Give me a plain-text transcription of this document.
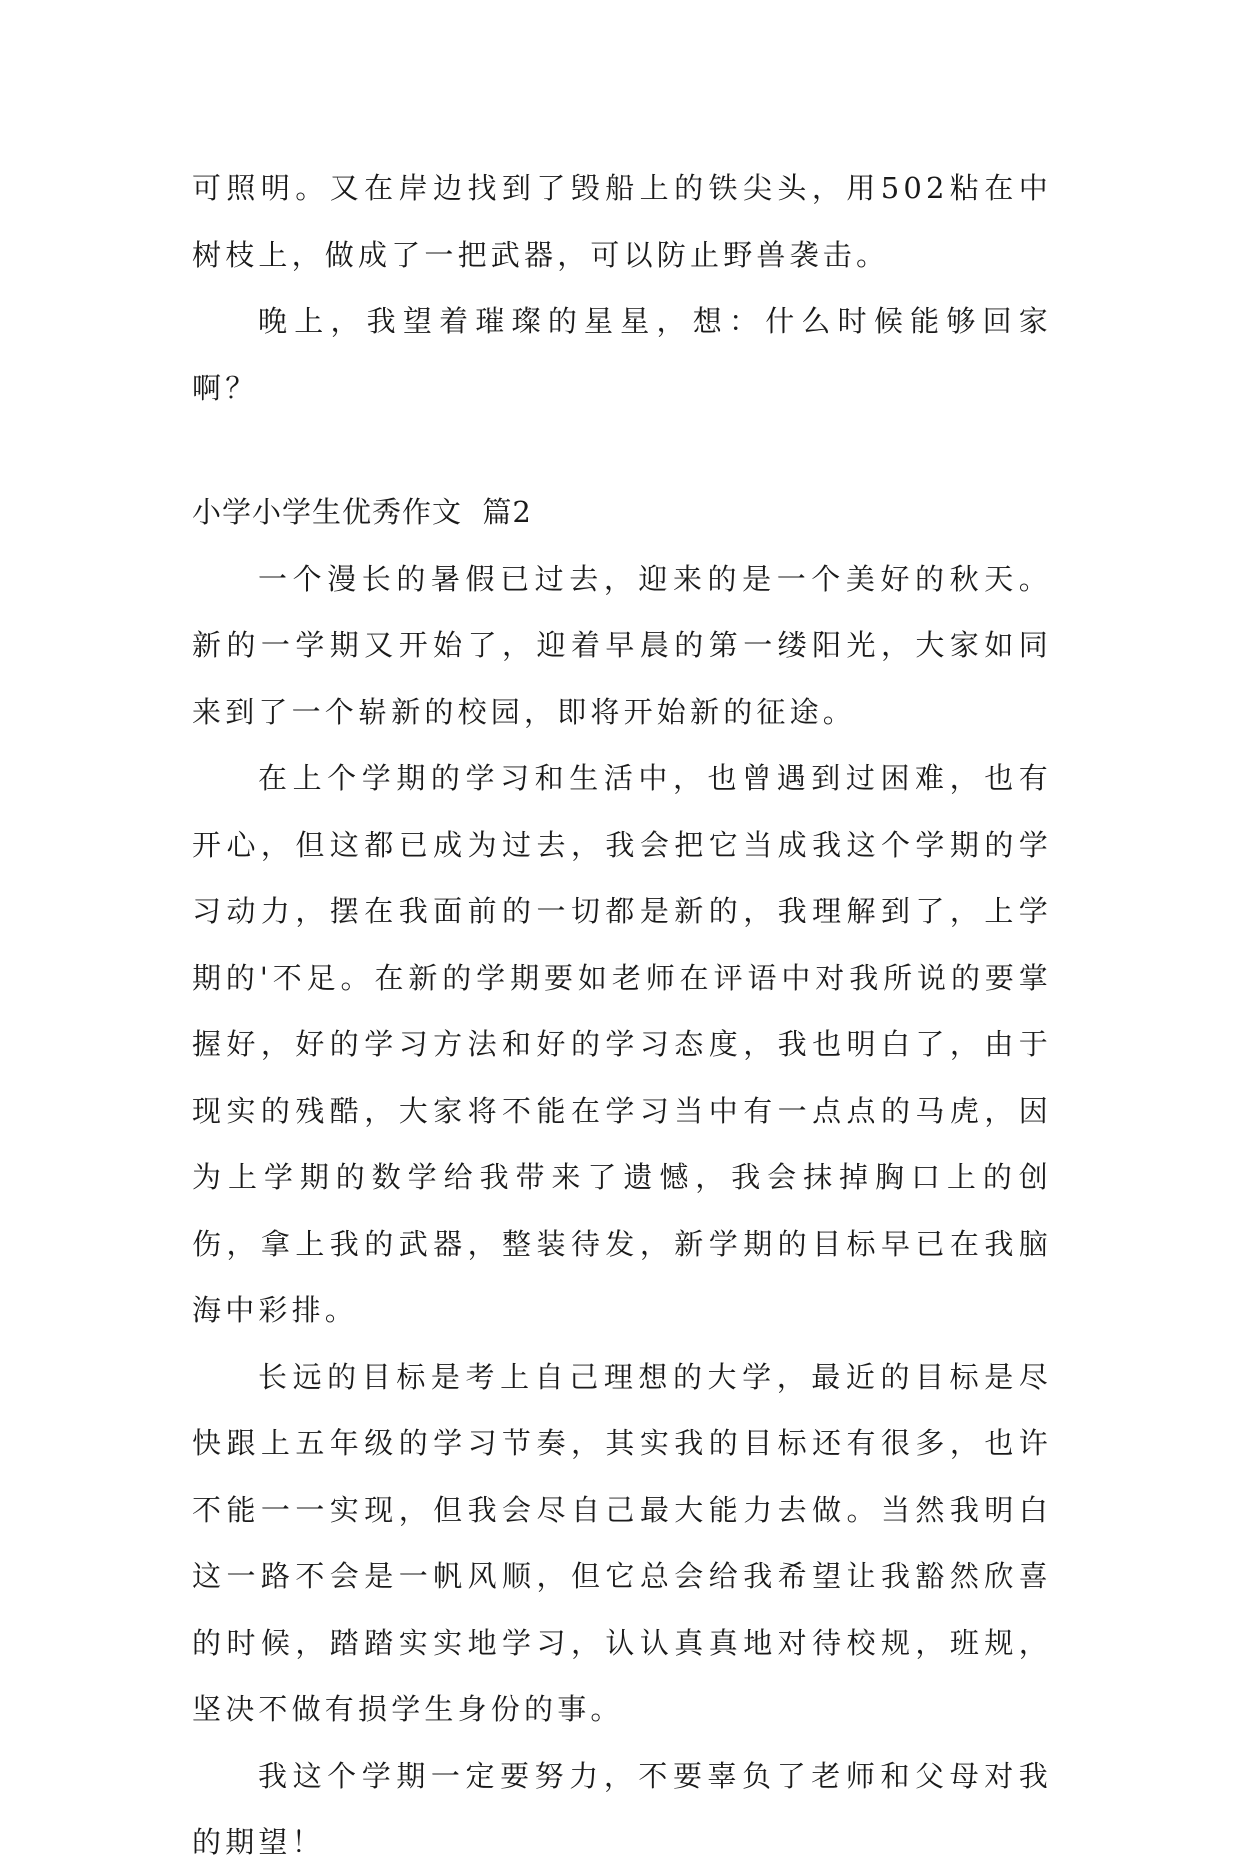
可照明。又在岸边找到了毁船上的铁尖头，用502粘在中树枝上，做成了一把武器，可以防止野兽袭击。

晚上，我望着璀璨的星星，想：什么时候能够回家啊？

小学小学生优秀作文  篇2

一个漫长的暑假已过去，迎来的是一个美好的秋天。新的一学期又开始了，迎着早晨的第一缕阳光，大家如同来到了一个崭新的校园，即将开始新的征途。

在上个学期的学习和生活中，也曾遇到过困难，也有开心，但这都已成为过去，我会把它当成我这个学期的学习动力，摆在我面前的一切都是新的，我理解到了，上学期的'不足。在新的学期要如老师在评语中对我所说的要掌握好，好的学习方法和好的学习态度，我也明白了，由于现实的残酷，大家将不能在学习当中有一点点的马虎，因为上学期的数学给我带来了遗憾，我会抹掉胸口上的创伤，拿上我的武器，整装待发，新学期的目标早已在我脑海中彩排。

长远的目标是考上自己理想的大学，最近的目标是尽快跟上五年级的学习节奏，其实我的目标还有很多，也许不能一一实现，但我会尽自己最大能力去做。当然我明白这一路不会是一帆风顺，但它总会给我希望让我豁然欣喜的时候，踏踏实实地学习，认认真真地对待校规，班规，坚决不做有损学生身份的事。

我这个学期一定要努力，不要辜负了老师和父母对我的期望！
